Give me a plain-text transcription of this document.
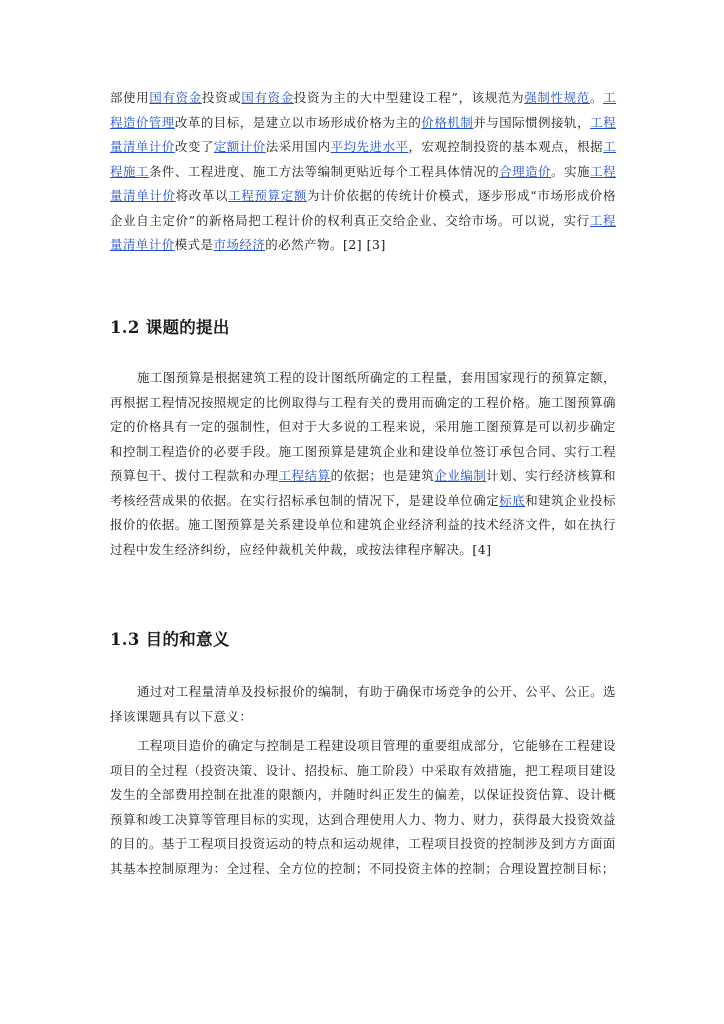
部使用国有资金投资或国有资金投资为主的大中型建设工程”，该规范为强制性规范。工程造价管理改革的目标，是建立以市场形成价格为主的价格机制并与国际惯例接轨，工程量清单计价改变了定额计价法采用国内平均先进水平，宏观控制投资的基本观点，根据工程施工条件、工程进度、施工方法等编制更贴近每个工程具体情况的合理造价。实施工程量清单计价将改革以工程预算定额为计价依据的传统计价模式，逐步形成“市场形成价格企业自主定价”的新格局把工程计价的权利真正交给企业、交给市场。可以说，实行工程量清单计价模式是市场经济的必然产物。[2] [3]

1.2 课题的提出

施工图预算是根据建筑工程的设计图纸所确定的工程量，套用国家现行的预算定额，再根据工程情况按照规定的比例取得与工程有关的费用而确定的工程价格。施工图预算确定的价格具有一定的强制性，但对于大多说的工程来说，采用施工图预算是可以初步确定和控制工程造价的必要手段。施工图预算是建筑企业和建设单位签订承包合同、实行工程预算包干、拨付工程款和办理工程结算的依据；也是建筑企业编制计划、实行经济核算和考核经营成果的依据。在实行招标承包制的情况下，是建设单位确定标底和建筑企业投标报价的依据。施工图预算是关系建设单位和建筑企业经济利益的技术经济文件，如在执行过程中发生经济纠纷，应经仲裁机关仲裁，或按法律程序解决。[4]

1.3 目的和意义

通过对工程量清单及投标报价的编制，有助于确保市场竞争的公开、公平、公正。选择该课题具有以下意义：

工程项目造价的确定与控制是工程建设项目管理的重要组成部分，它能够在工程建设项目的全过程（投资决策、设计、招投标、施工阶段）中采取有效措施，把工程项目建设发生的全部费用控制在批准的限额内，并随时纠正发生的偏差，以保证投资估算、设计概预算和竣工决算等管理目标的实现，达到合理使用人力、物力、财力，获得最大投资效益的目的。基于工程项目投资运动的特点和运动规律，工程项目投资的控制涉及到方方面面其基本控制原理为：全过程、全方位的控制；不同投资主体的控制；合理设置控制目标；
